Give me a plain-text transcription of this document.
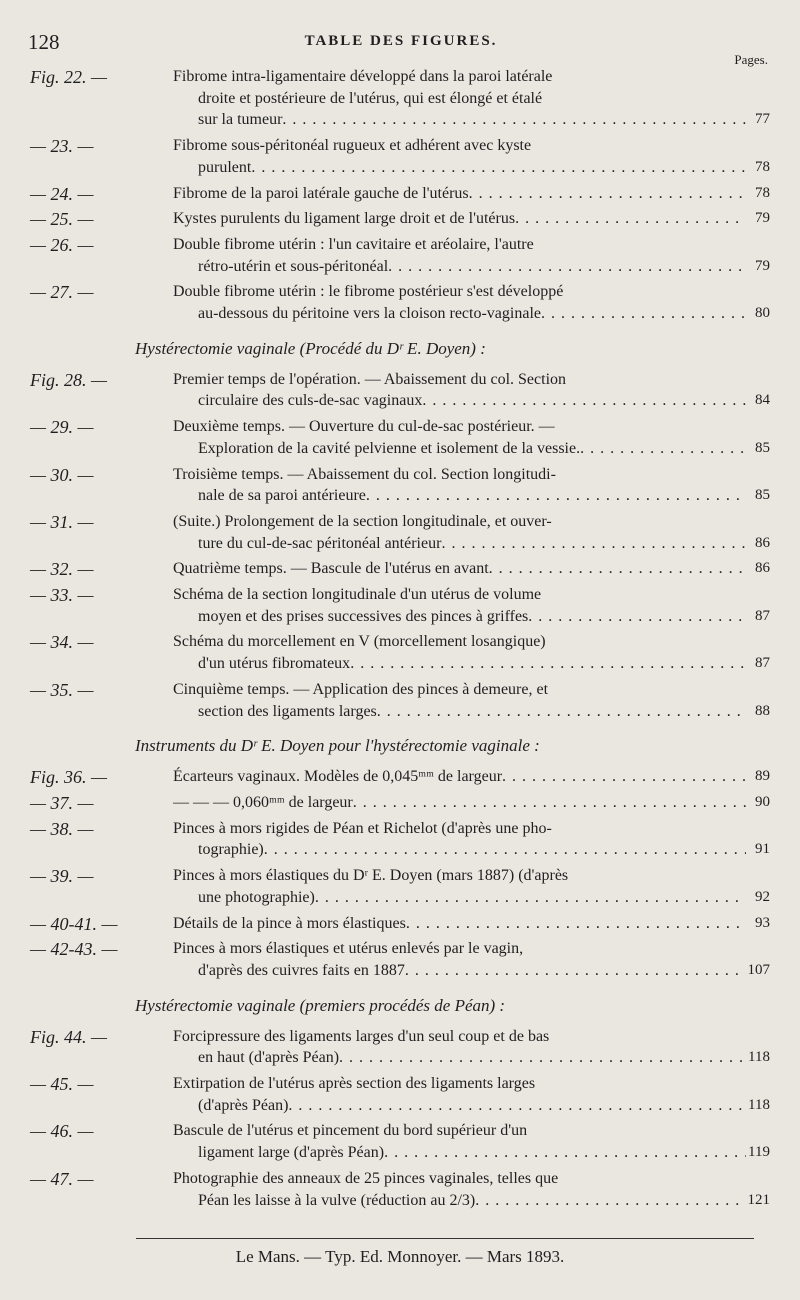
128	TABLE DES FIGURES.
Pages.
Fig. 22. —	Fibrome intra-ligamentaire développé dans la paroi latérale
droite et postérieure de l'utérus, qui est élongé et étalé
sur la tumeur . . .	77
— 23. —	Fibrome sous-péritonéal rugueux et adhérent avec kyste
purulent . . .	78
— 24. —	Fibrome de la paroi latérale gauche de l'utérus . . .	78
— 25. —	Kystes purulents du ligament large droit et de l'utérus . . .	79
— 26. —	Double fibrome utérin : l'un cavitaire et aréolaire, l'autre
rétro-utérin et sous-péritonéal . . .	79
— 27. —	Double fibrome utérin : le fibrome postérieur s'est développé
au-dessous du péritoine vers la cloison recto-vaginale . . .	80
Hystérectomie vaginale (Procédé du Dʳ E. Doyen) :
Fig. 28. —	Premier temps de l'opération. — Abaissement du col. Section
circulaire des culs-de-sac vaginaux . . .	84
— 29. —	Deuxième temps. — Ouverture du cul-de-sac postérieur. —
Exploration de la cavité pelvienne et isolement de la vessie. . . .	85
— 30. —	Troisième temps. — Abaissement du col. Section longitudi-
nale de sa paroi antérieure . . .	85
— 31. —	(Suite.) Prolongement de la section longitudinale, et ouver-
ture du cul-de-sac péritonéal antérieur . . .	86
— 32. —	Quatrième temps. — Bascule de l'utérus en avant . . .	86
— 33. —	Schéma de la section longitudinale d'un utérus de volume
moyen et des prises successives des pinces à griffes . . .	87
— 34. —	Schéma du morcellement en V (morcellement losangique)
d'un utérus fibromateux . . .	87
— 35. —	Cinquième temps. — Application des pinces à demeure, et
section des ligaments larges . . .	88
Instruments du Dʳ E. Doyen pour l'hystérectomie vaginale :
Fig. 36. —	Écarteurs vaginaux. Modèles de 0,045ᵐᵐ de largeur . . .	89
— 37. —	— — — 0,060ᵐᵐ de largeur . . .	90
— 38. —	Pinces à mors rigides de Péan et Richelot (d'après une pho-
tographie) . . .	91
— 39. —	Pinces à mors élastiques du Dʳ E. Doyen (mars 1887) (d'après
une photographie) . . .	92
— 40-41. —	Détails de la pince à mors élastiques . . .	93
— 42-43. —	Pinces à mors élastiques et utérus enlevés par le vagin,
d'après des cuivres faits en 1887 . . .	107
Hystérectomie vaginale (premiers procédés de Péan) :
Fig. 44. —	Forcipressure des ligaments larges d'un seul coup et de bas
en haut (d'après Péan) . . .	118
— 45. —	Extirpation de l'utérus après section des ligaments larges
(d'après Péan) . . .	118
— 46. —	Bascule de l'utérus et pincement du bord supérieur d'un
ligament large (d'après Péan) . . .	119
— 47. —	Photographie des anneaux de 25 pinces vaginales, telles que
Péan les laisse à la vulve (réduction au 2/3) . . .	121
Le Mans. — Typ. Ed. Monnoyer. — Mars 1893.
